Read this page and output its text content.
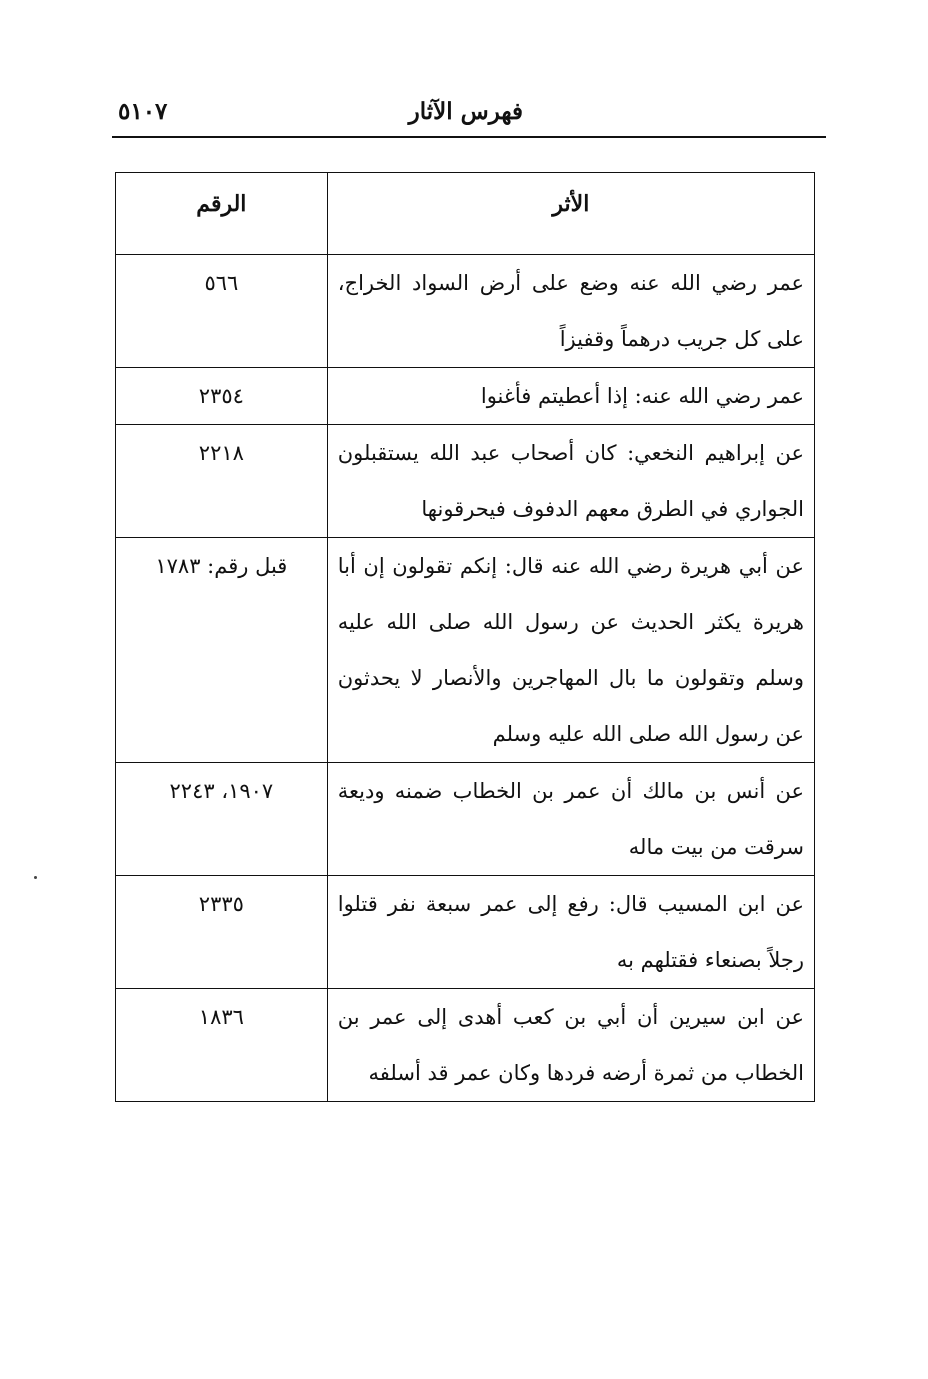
فهرس الآثار
٥١٠٧
الأثر	الرقم
عمر رضي الله عنه وضع على أرض السواد الخراج، على كل جريب درهماً وقفيزاً	٥٦٦
عمر رضي الله عنه: إذا أعطيتم فأغنوا	٢٣٥٤
عن إبراهيم النخعي: كان أصحاب عبد الله يستقبلون الجواري في الطرق معهم الدفوف فيحرقونها	٢٢١٨
عن أبي هريرة رضي الله عنه قال: إنكم تقولون إن أبا هريرة يكثر الحديث عن رسول الله صلى الله عليه وسلم وتقولون ما بال المهاجرين والأنصار لا يحدثون عن رسول الله صلى الله عليه وسلم	قبل رقم: ١٧٨٣
عن أنس بن مالك أن عمر بن الخطاب ضمنه وديعة سرقت من بيت ماله	١٩٠٧، ٢٢٤٣
عن ابن المسيب قال: رفع إلى عمر سبعة نفر قتلوا رجلاً بصنعاء فقتلهم به	٢٣٣٥
عن ابن سيرين أن أبي بن كعب أهدى إلى عمر بن الخطاب من ثمرة أرضه فردها وكان عمر قد أسلفه	١٨٣٦
